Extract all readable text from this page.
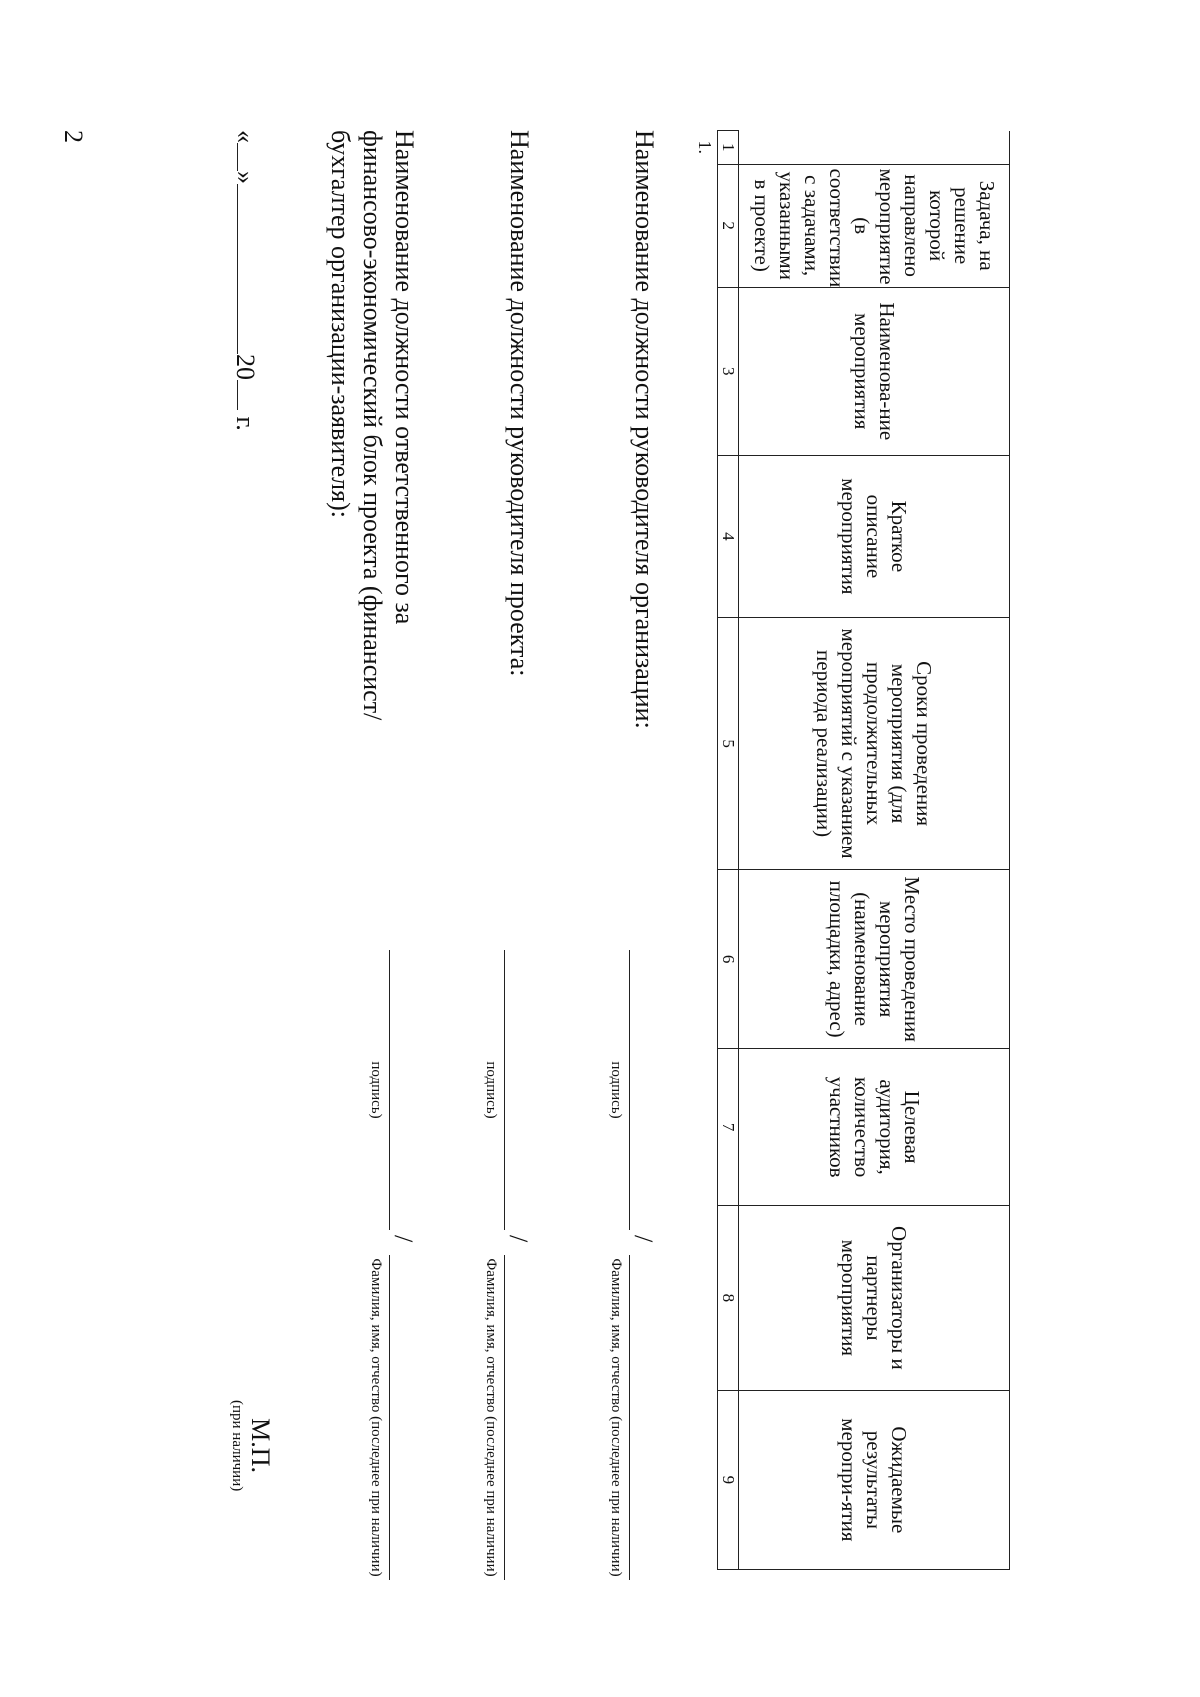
2
	Задача, на решение которой направлено мероприятие (в соответствии с задачами, указанными в проекте)	Наименова-ние мероприятия	Краткое описание мероприятия	Сроки проведения мероприятия (для продолжительных мероприятий с указанием периода реализации)	Место проведения мероприятия (наименование площадки, адрес)	Целевая аудитория, количество участников	Организаторы и партнеры мероприятия	Ожидаемые результаты меропри-ятия
1	2	3	4	5	6	7	8	9
1.								
Наименование должности руководителя организации:
/
подпись)
Фамилия, имя, отчество (последнее при наличии)
Наименование должности руководителя проекта:
/
подпись)
Фамилия, имя, отчество (последнее при наличии)
Наименование должности ответственного за финансово-экономический блок проекта (финансист/бухгалтер организации-заявителя):
/
подпись)
Фамилия, имя, отчество (последнее при наличии)
«»20 г.
М.П.
(при наличии)
